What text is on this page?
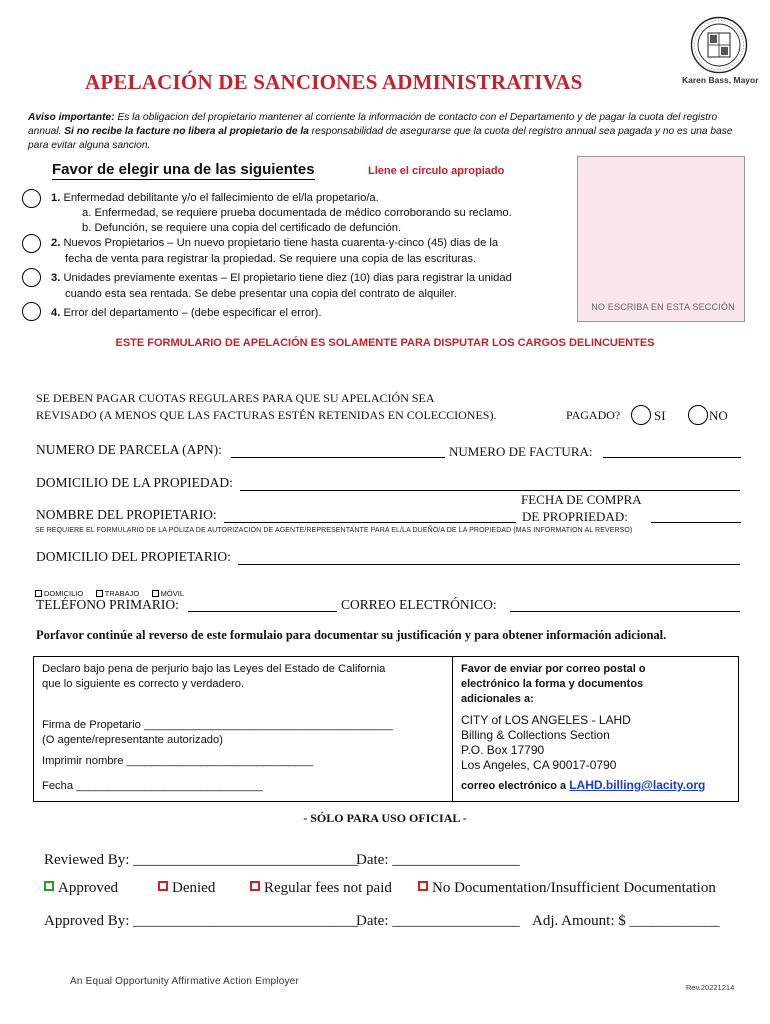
APELACIÓN DE SANCIONES ADMINISTRATIVAS	Karen Bass, Mayor
Aviso importante: Es la obligacion del propietario mantener al corriente la información de contacto con el Departamento y de pagar la cuota del registro annual. Si no recibe la facture no libera al propietario de la responsabilidad de asegurarse que la cuota del registro annual sea pagada y no es una base para evitar alguna sancion.
Favor de elegir una de las siguientes	Llene el círculo apropiado
1. Enfermedad debilitante y/o el fallecimiento de el/la propetario/a.
a. Enfermedad, se requiere prueba documentada de médico corroborando su reclamo.
b. Defunción, se requiere una copia del certificado de defunción.
2. Nuevos Propietarios – Un nuevo propietario tiene hasta cuarenta-y-cinco (45) dias de la
fecha de venta para registrar la propiedad. Se requiere una copia de las escrituras.
3. Unidades previamente exentas – El propietario tiene diez (10) dias para registrar la unidad
cuando esta sea rentada. Se debe presentar una copia del contrato de alquiler.
4. Error del departamento – (debe especificar el error).	NO ESCRIBA EN ESTA SECCIÓN
ESTE FORMULARIO DE APELACIÓN ES SOLAMENTE PARA DISPUTAR LOS CARGOS DELINCUENTES
SE DEBEN PAGAR CUOTAS REGULARES PARA QUE SU APELACIÓN SEA
REVISADO (A MENOS QUE LAS FACTURAS ESTÉN RETENIDAS EN COLECCIONES).	PAGADO?	SI	NO
NUMERO DE PARCELA (APN):	NUMERO DE FACTURA:
DOMICILIO DE LA PROPIEDAD:
FECHA DE COMPRA
NOMBRE DEL PROPIETARIO:	DE PROPRIEDAD:
SE REQUIERE EL FORMULARIO DE LA PÓLIZA DE AUTORIZACIÓN DE AGENTE/REPRESENTANTE PARA EL/LA DUEÑO/A DE LA PROPIEDAD (MAS INFORMATION AL REVERSO)
DOMICILIO DEL PROPIETARIO:
DOMICILIO	TRABAJO	MÓVIL
TELÉFONO PRIMARIO:	CORREO ELECTRÓNICO:
Porfavor continúe al reverso de este formulaio para documentar su justificación y para obtener información adicional.
Declaro bajo pena de perjurio bajo las Leyes del Estado de California
que lo siguiente es correcto y verdadero.
Firma de Propetario ________________________________________
(O agente/representante autorizado)
Imprimir nombre ______________________________
Fecha ______________________________
Favor de enviar por correo postal o
electrónico la forma y documentos
adicionales a:
CITY of LOS ANGELES - LAHD
Billing & Collections Section
P.O. Box 17790
Los Angeles, CA 90017-0790
correo electrónico a LAHD.billing@lacity.org
- SÓLO PARA USO OFICIAL -
Reviewed By: ______________________________
Date: _________________
Approved	Denied	Regular fees not paid	No Documentation/Insufficient Documentation
Approved By: ______________________________
Date: _________________ Adj. Amount: $ ____________
An Equal Opportunity Affirmative Action Employer
Rev.20221214
